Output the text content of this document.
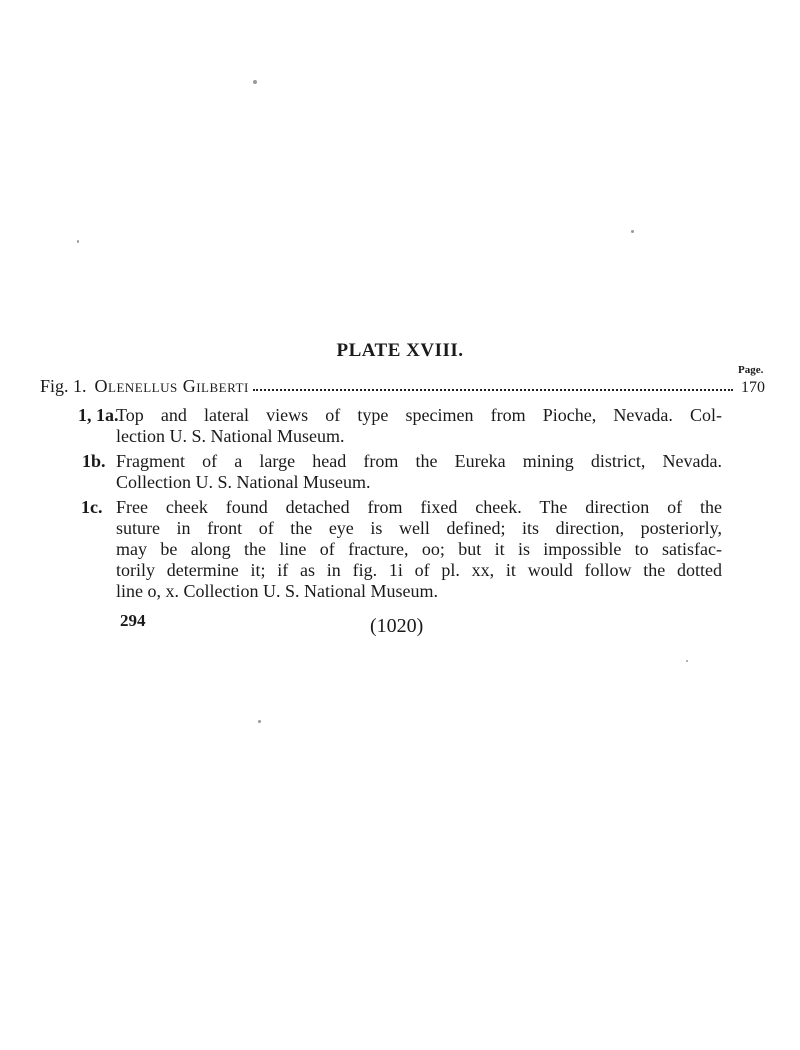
PLATE XVIII.
Page.
Fig. 1. Olenellus Gilberti	170
1, 1a.
Top and lateral views of type specimen from Pioche, Nevada. Col-
lection U. S. National Museum.
1b. Fragment of a large head from the Eureka mining district, Nevada.
Collection U. S. National Museum.
1c. Free cheek found detached from fixed cheek. The direction of the
suture in front of the eye is well defined; its direction, posteriorly,
may be along the line of fracture, oo; but it is impossible to satisfac-
torily determine it; if as in fig. 1i of pl. xx, it would follow the dotted
line o, x. Collection U. S. National Museum.
294	(1020)
